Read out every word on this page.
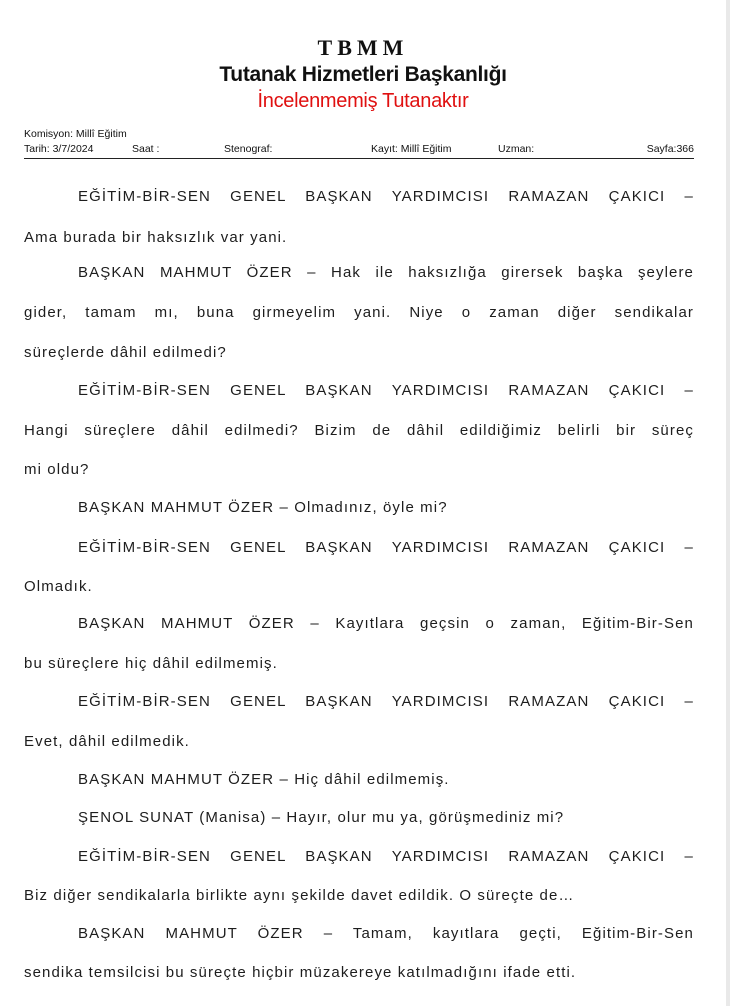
TBMM
Tutanak Hizmetleri Başkanlığı
İncelenmemiş Tutanaktır
Komisyon: Millî Eğitim
Tarih: 3/7/2024	Saat :	Stenograf:	Kayıt: Millî Eğitim	Uzman:	Sayfa:366
EĞİTİM-BİR-SEN GENEL BAŞKAN YARDIMCISI RAMAZAN ÇAKICI –
Ama burada bir haksızlık var yani.
BAŞKAN MAHMUT ÖZER – Hak ile haksızlığa girersek başka şeylere
gider, tamam mı, buna girmeyelim yani. Niye o zaman diğer sendikalar
süreçlerde dâhil edilmedi?
EĞİTİM-BİR-SEN GENEL BAŞKAN YARDIMCISI RAMAZAN ÇAKICI –
Hangi süreçlere dâhil edilmedi? Bizim de dâhil edildiğimiz belirli bir süreç
mi oldu?
BAŞKAN MAHMUT ÖZER – Olmadınız, öyle mi?
EĞİTİM-BİR-SEN GENEL BAŞKAN YARDIMCISI RAMAZAN ÇAKICI –
Olmadık.
BAŞKAN MAHMUT ÖZER – Kayıtlara geçsin o zaman, Eğitim-Bir-Sen
bu süreçlere hiç dâhil edilmemiş.
EĞİTİM-BİR-SEN GENEL BAŞKAN YARDIMCISI RAMAZAN ÇAKICI –
Evet, dâhil edilmedik.
BAŞKAN MAHMUT ÖZER – Hiç dâhil edilmemiş.
ŞENOL SUNAT (Manisa) – Hayır, olur mu ya, görüşmediniz mi?
EĞİTİM-BİR-SEN GENEL BAŞKAN YARDIMCISI RAMAZAN ÇAKICI –
Biz diğer sendikalarla birlikte aynı şekilde davet edildik. O süreçte de…
BAŞKAN MAHMUT ÖZER – Tamam, kayıtlara geçti, Eğitim-Bir-Sen
sendika temsilcisi bu süreçte hiçbir müzakereye katılmadığını ifade etti.
